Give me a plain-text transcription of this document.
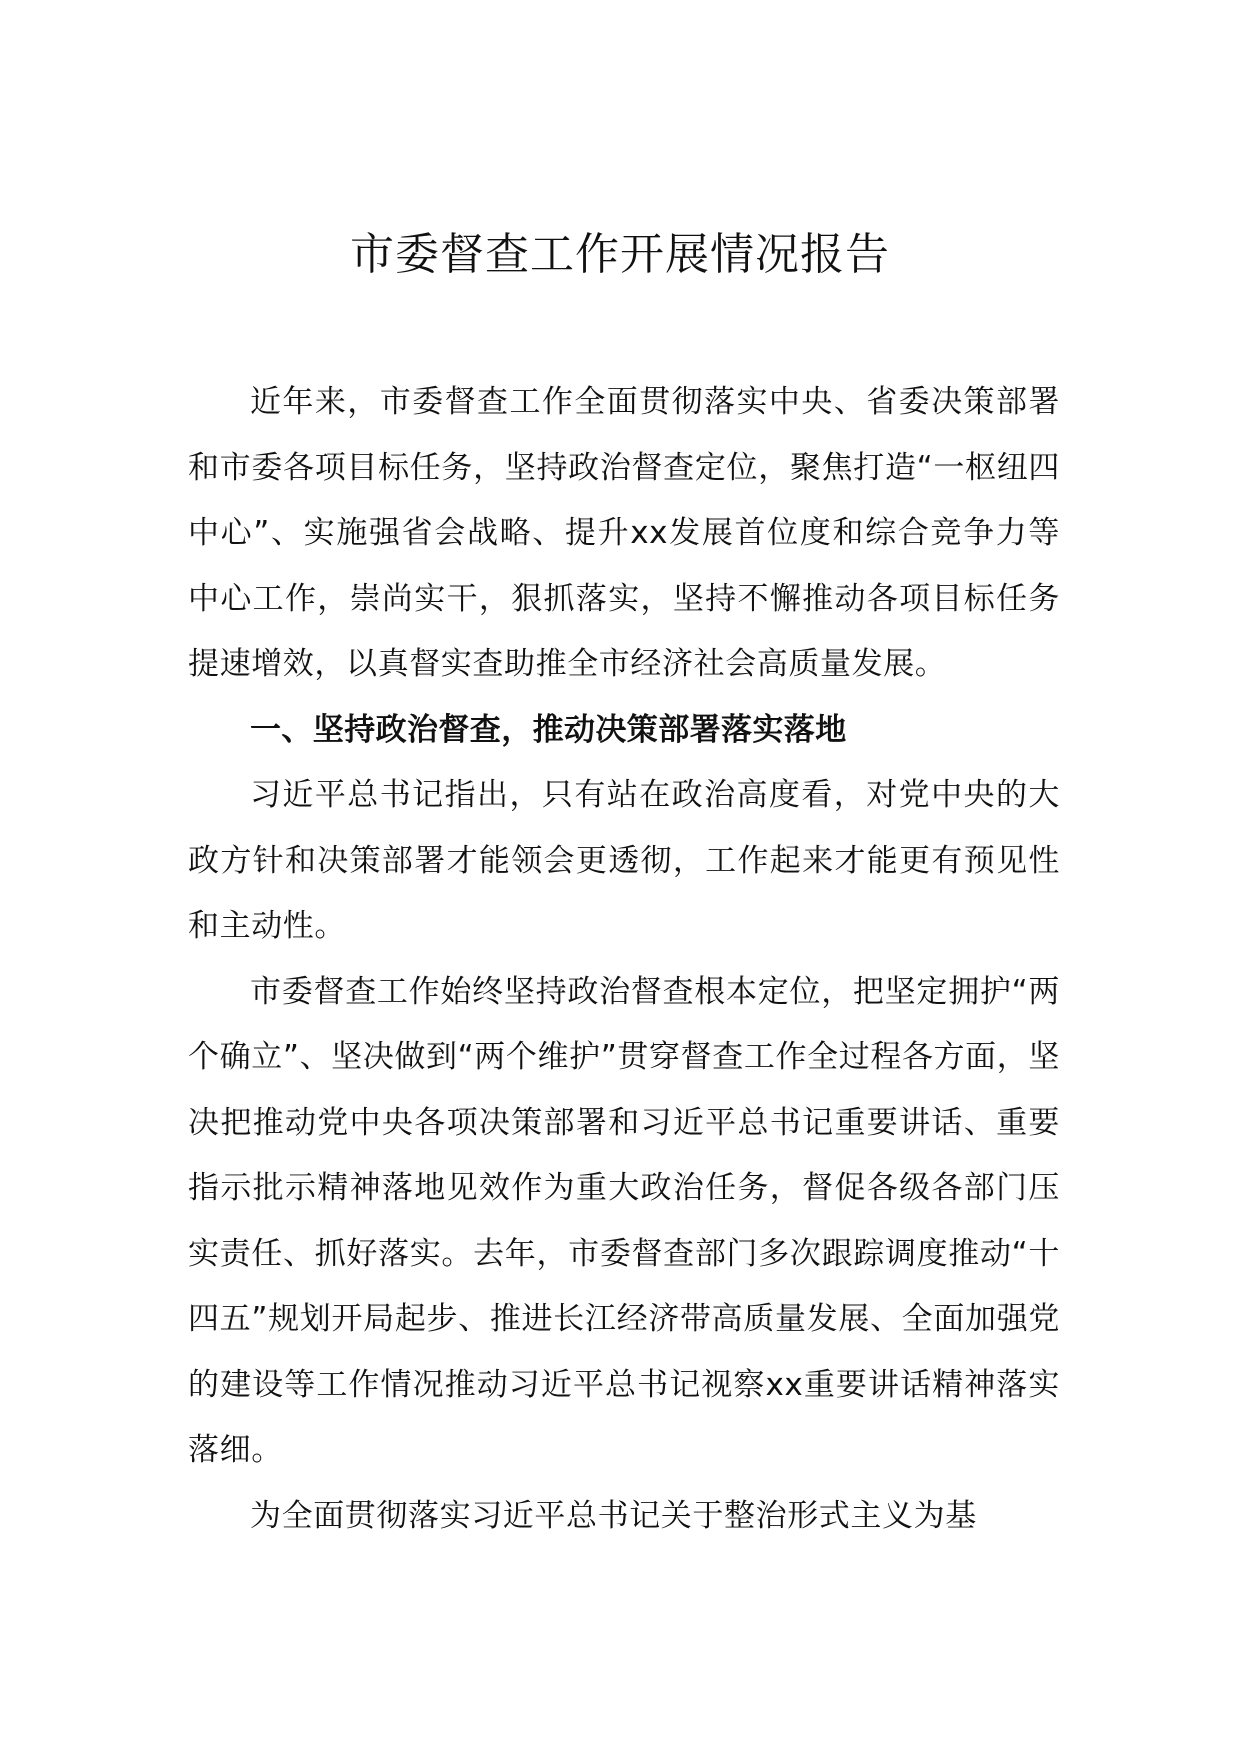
市委督查工作开展情况报告

近年来，市委督查工作全面贯彻落实中央、省委决策部署和市委各项目标任务，坚持政治督查定位，聚焦打造“一枢纽四中心”、实施强省会战略、提升xx发展首位度和综合竞争力等中心工作，崇尚实干，狠抓落实，坚持不懈推动各项目标任务提速增效，以真督实查助推全市经济社会高质量发展。

一、坚持政治督查，推动决策部署落实落地

习近平总书记指出，只有站在政治高度看，对党中央的大政方针和决策部署才能领会更透彻，工作起来才能更有预见性和主动性。

市委督查工作始终坚持政治督查根本定位，把坚定拥护“两个确立”、坚决做到“两个维护”贯穿督查工作全过程各方面，坚决把推动党中央各项决策部署和习近平总书记重要讲话、重要指示批示精神落地见效作为重大政治任务，督促各级各部门压实责任、抓好落实。去年，市委督查部门多次跟踪调度推动“十四五”规划开局起步、推进长江经济带高质量发展、全面加强党的建设等工作情况推动习近平总书记视察xx重要讲话精神落实落细。

为全面贯彻落实习近平总书记关于整治形式主义为基
